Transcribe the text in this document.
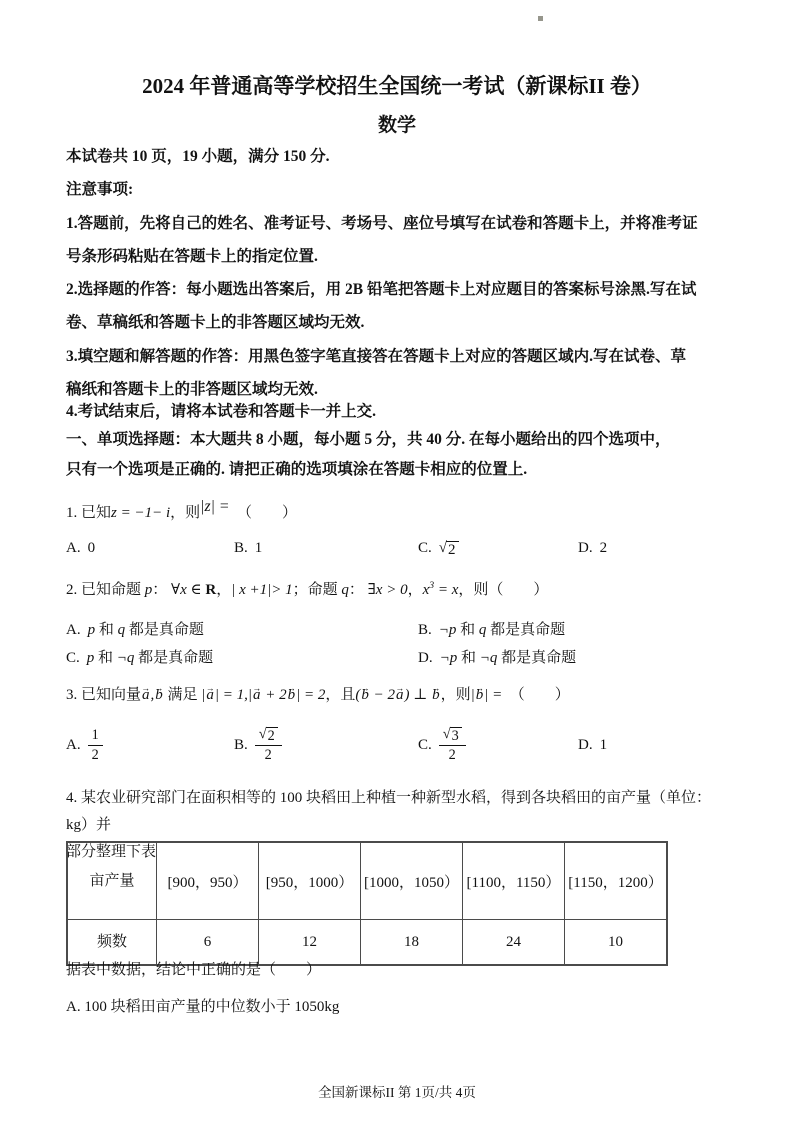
2024 年普通高等学校招生全国统一考试（新课标II 卷）
数学

本试卷共 10 页，19 小题，满分 150 分.

注意事项:

1.答题前，先将自己的姓名、准考证号、考场号、座位号填写在试卷和答题卡上，并将准考证
号条形码粘贴在答题卡上的指定位置.
2.选择题的作答：每小题选出答案后，用 2B 铅笔把答题卡上对应题目的答案标号涂黑.写在试
卷、草稿纸和答题卡上的非答题区域均无效.
3.填空题和解答题的作答：用黑色签字笔直接答在答题卡上对应的答题区域内.写在试卷、草
稿纸和答题卡上的非答题区域均无效.
4.考试结束后，请将本试卷和答题卡一并上交.
一、单项选择题：本大题共 8 小题，每小题 5 分，共 40 分. 在每小题给出的四个选项中，
只有一个选项是正确的. 请把正确的选项填涂在答题卡相应的位置上.
1. 已知z = −1− i，则|z| =　（　　）
A. 0	B. 1	C. √ 2	D. 2
2. 已知命题 p： ∀x ∈ R，| x +1|> 1；命题 q： ∃x > 0，$x^3 = x$，则（　　）
A. p 和 q 都是真命题	B. ¬p 和 q 都是真命题
C. p 和 ¬q 都是真命题	D. ¬p 和 ¬q 都是真命题
3. 已知向量a →,b → 满足 |a →| = 1,|a → + 2b →| = 2，且(b → − 2a →) ⊥ b →，则|b →| =　（　　）
A. $\frac{1}{2}$	B. $\frac{√ 2}{2}$	C. $\frac{√ 3}{2}$	D. 1
4. 某农业研究部门在面积相等的 100 块稻田上种植一种新型水稻，得到各块稻田的亩产量（单位：kg）并
部分整理下表
亩产量	[900，950）	[950，1000）	[1000，1050）	[1100，1150）	[1150，1200）
频数	6	12	18	24	10
据表中数据，结论中正确的是（　　）
A. 100 块稻田亩产量的中位数小于 1050kg
全国新课标II 第 1页/共 4页
